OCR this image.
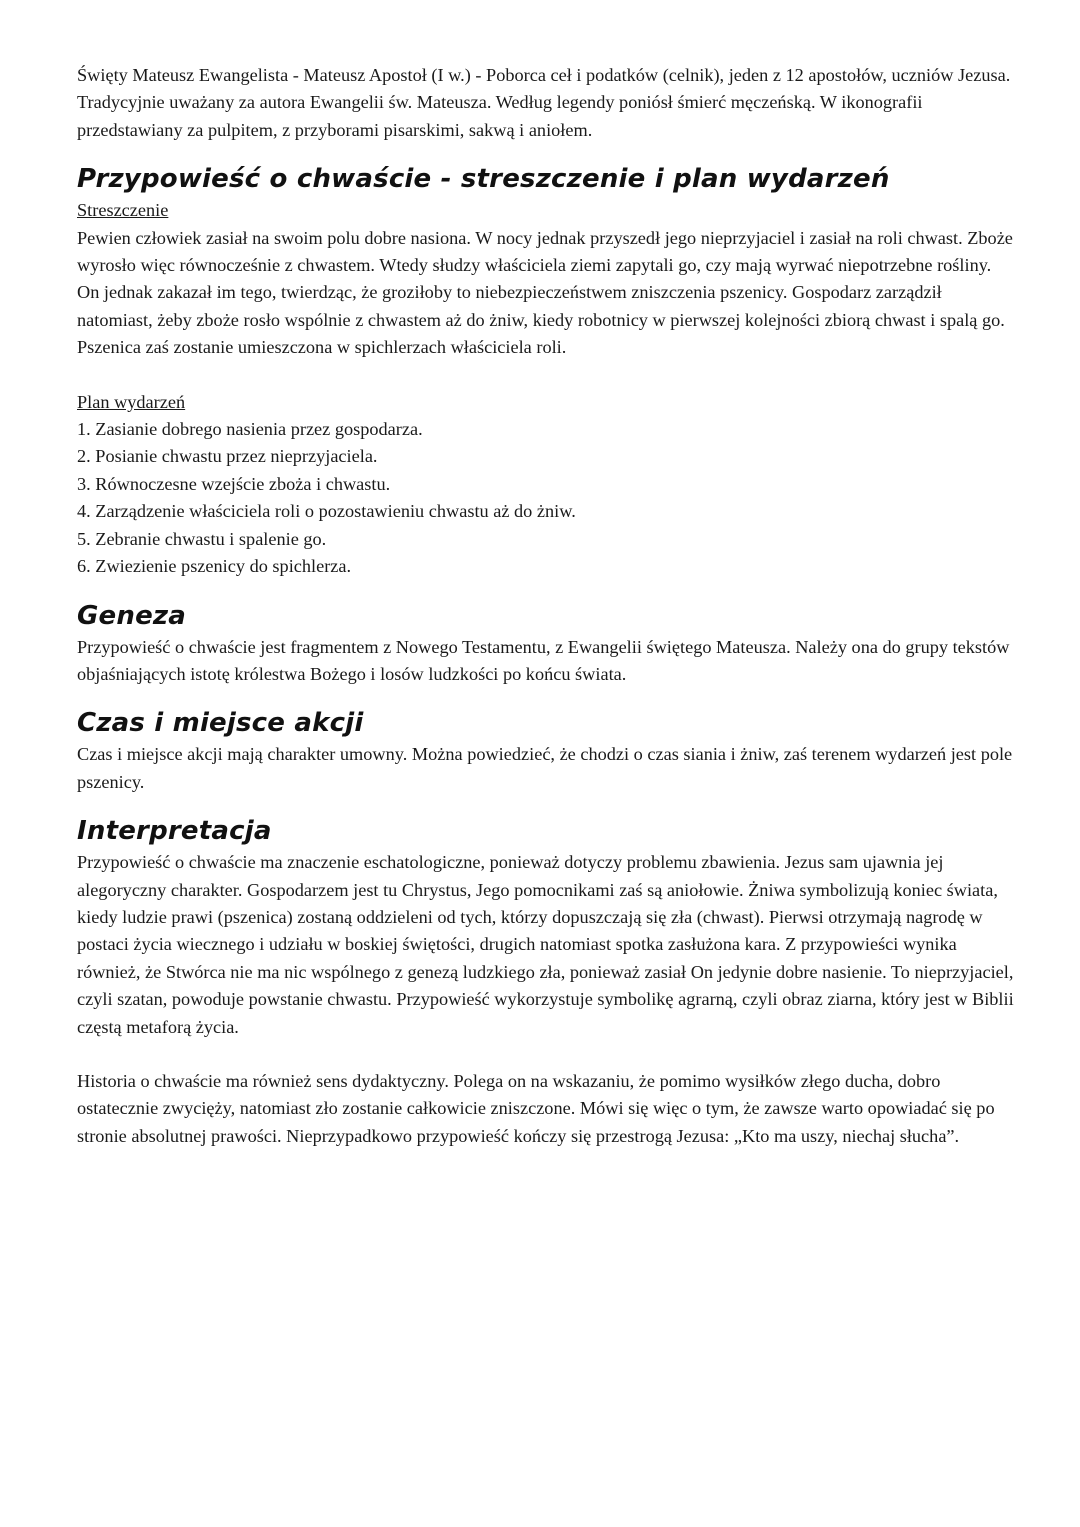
Święty Mateusz Ewangelista - Mateusz Apostoł (I w.) - Poborca ceł i podatków (celnik), jeden z 12 apostołów, uczniów Jezusa. Tradycyjnie uważany za autora Ewangelii św. Mateusza. Według legendy poniósł śmierć męczeńską. W ikonografii przedstawiany za pulpitem, z przyborami pisarskimi, sakwą i aniołem.

Przypowieść o chwaście - streszczenie i plan wydarzeń
Streszczenie

Pewien człowiek zasiał na swoim polu dobre nasiona. W nocy jednak przyszedł jego nieprzyjaciel i zasiał na roli chwast. Zboże wyrosło więc równocześnie z chwastem. Wtedy słudzy właściciela ziemi zapytali go, czy mają wyrwać niepotrzebne rośliny. On jednak zakazał im tego, twierdząc, że groziłoby to niebezpieczeństwem zniszczenia pszenicy. Gospodarz zarządził natomiast, żeby zboże rosło wspólnie z chwastem aż do żniw, kiedy robotnicy w pierwszej kolejności zbiorą chwast i spalą go. Pszenica zaś zostanie umieszczona w spichlerzach właściciela roli.

Plan wydarzeń
1. Zasianie dobrego nasienia przez gospodarza.
2. Posianie chwastu przez nieprzyjaciela.
3. Równoczesne wzejście zboża i chwastu.
4. Zarządzenie właściciela roli o pozostawieniu chwastu aż do żniw.
5. Zebranie chwastu i spalenie go.
6. Zwiezienie pszenicy do spichlerza.
Geneza

Przypowieść o chwaście jest fragmentem z Nowego Testamentu, z Ewangelii świętego Mateusza. Należy ona do grupy tekstów objaśniających istotę królestwa Bożego i losów ludzkości po końcu świata.

Czas i miejsce akcji

Czas i miejsce akcji mają charakter umowny. Można powiedzieć, że chodzi o czas siania i żniw, zaś terenem wydarzeń jest pole pszenicy.

Interpretacja

Przypowieść o chwaście ma znaczenie eschatologiczne, ponieważ dotyczy problemu zbawienia. Jezus sam ujawnia jej alegoryczny charakter. Gospodarzem jest tu Chrystus, Jego pomocnikami zaś są aniołowie. Żniwa symbolizują koniec świata, kiedy ludzie prawi (pszenica) zostaną oddzieleni od tych, którzy dopuszczają się zła (chwast). Pierwsi otrzymają nagrodę w postaci życia wiecznego i udziału w boskiej świętości, drugich natomiast spotka zasłużona kara. Z przypowieści wynika również, że Stwórca nie ma nic wspólnego z genezą ludzkiego zła, ponieważ zasiał On jedynie dobre nasienie. To nieprzyjaciel, czyli szatan, powoduje powstanie chwastu. Przypowieść wykorzystuje symbolikę agrarną, czyli obraz ziarna, który jest w Biblii częstą metaforą życia.

Historia o chwaście ma również sens dydaktyczny. Polega on na wskazaniu, że pomimo wysiłków złego ducha, dobro ostatecznie zwycięży, natomiast zło zostanie całkowicie zniszczone. Mówi się więc o tym, że zawsze warto opowiadać się po stronie absolutnej prawości. Nieprzypadkowo przypowieść kończy się przestrogą Jezusa: „Kto ma uszy, niechaj słucha”.
